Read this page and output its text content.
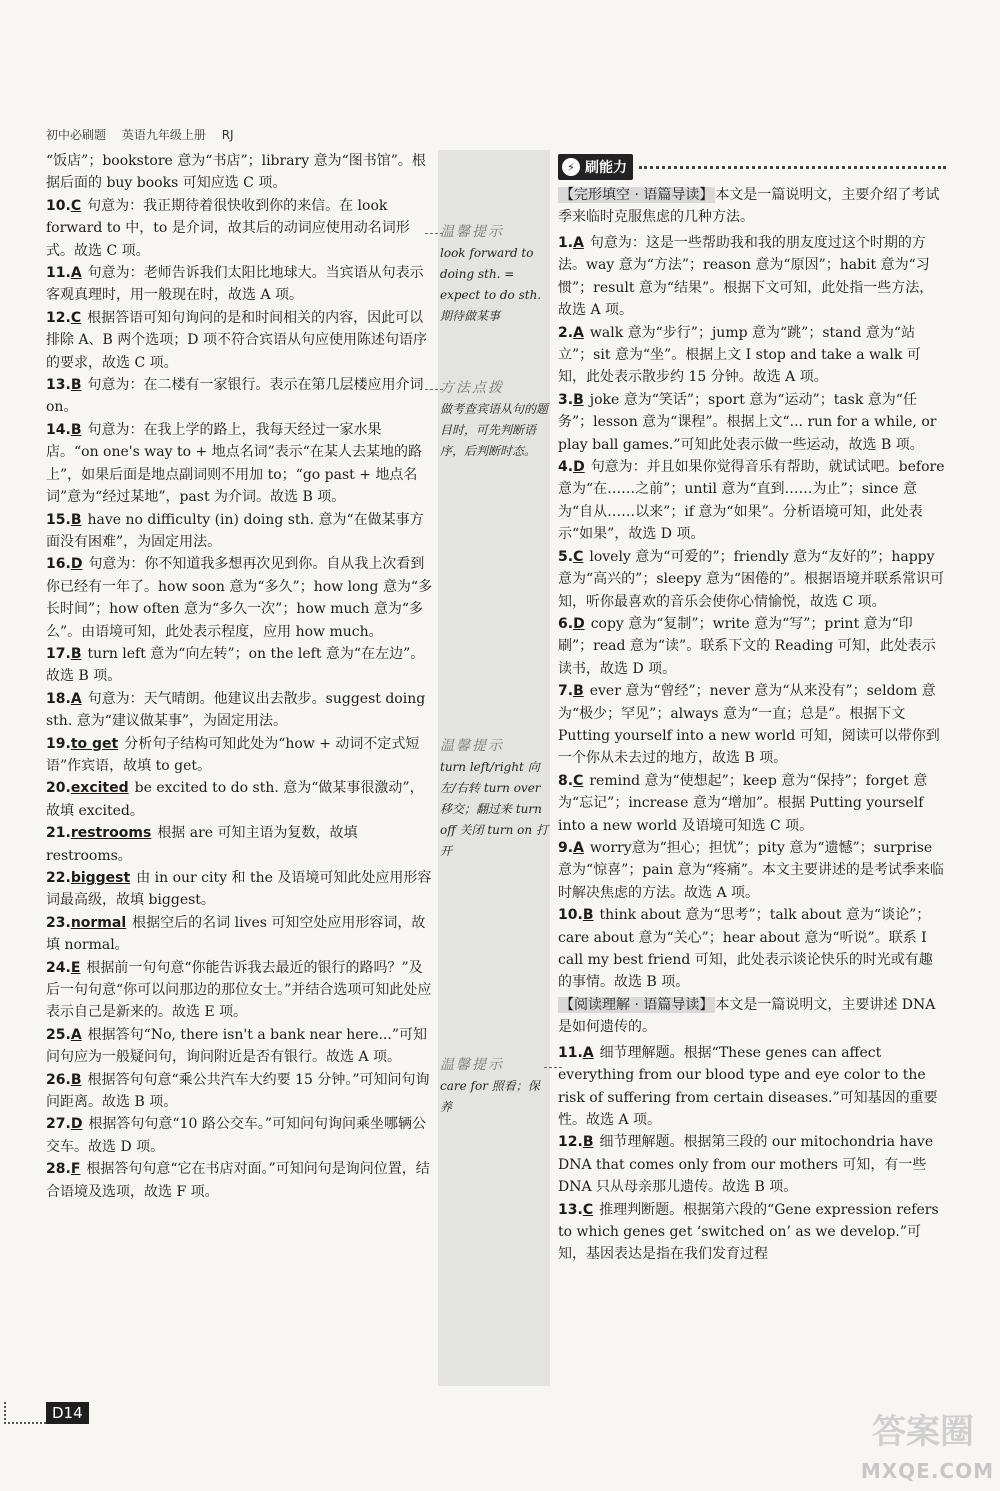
初中必刷题 英语九年级上册 RJ
“饭店”；bookstore 意为“书店”；library 意为“图书馆”。根据后面的 buy books 可知应选 C 项。
10.C 句意为：我正期待着很快收到你的来信。在 look forward to 中，to 是介词，故其后的动词应使用动名词形式。故选 C 项。
11.A 句意为：老师告诉我们太阳比地球大。当宾语从句表示客观真理时，用一般现在时，故选 A 项。
12.C 根据答语可知句询问的是和时间相关的内容，因此可以排除 A、B 两个选项；D 项不符合宾语从句应使用陈述句语序的要求，故选 C 项。
13.B 句意为：在二楼有一家银行。表示在第几层楼应用介词 on。
14.B 句意为：在我上学的路上，我每天经过一家水果店。“on one's way to + 地点名词”表示“在某人去某地的路上”，如果后面是地点副词则不用加 to；“go past + 地点名词”意为“经过某地”，past 为介词。故选 B 项。
15.B have no difficulty (in) doing sth. 意为“在做某事方面没有困难”，为固定用法。
16.D 句意为：你不知道我多想再次见到你。自从我上次看到你已经有一年了。how soon 意为“多久”；how long 意为“多长时间”；how often 意为“多久一次”；how much 意为“多么”。由语境可知，此处表示程度，应用 how much。
17.B turn left 意为“向左转”；on the left 意为“在左边”。故选 B 项。
18.A 句意为：天气晴朗。他建议出去散步。suggest doing sth. 意为“建议做某事”，为固定用法。
19.to get 分析句子结构可知此处为“how + 动词不定式短语”作宾语，故填 to get。
20.excited be excited to do sth. 意为“做某事很激动”，故填 excited。
21.restrooms 根据 are 可知主语为复数，故填 restrooms。
22.biggest 由 in our city 和 the 及语境可知此处应用形容词最高级，故填 biggest。
23.normal 根据空后的名词 lives 可知空处应用形容词，故填 normal。
24.E 根据前一句句意“你能告诉我去最近的银行的路吗？”及后一句句意“你可以问那边的那位女士。”并结合选项可知此处应表示自己是新来的。故选 E 项。
25.A 根据答句“No, there isn't a bank near here...”可知问句应为一般疑问句，询问附近是否有银行。故选 A 项。
26.B 根据答句句意“乘公共汽车大约要 15 分钟。”可知问句询问距离。故选 B 项。
27.D 根据答句句意“10 路公交车。”可知问句询问乘坐哪辆公交车。故选 D 项。
28.F 根据答句句意“它在书店对面。”可知问句是询问位置，结合语境及选项，故选 F 项。
温馨提示
look forward to doing sth. = expect to do sth. 期待做某事
方法点拨
做考查宾语从句的题目时，可先判断语序，后判断时态。
温馨提示
turn left/right 向左/右转 turn over 移交；翻过来 turn off 关闭 turn on 打开
温馨提示
care for 照看；保养
⚡ 刷能力
【完形填空 · 语篇导读】 本文是一篇说明文，主要介绍了考试季来临时克服焦虑的几种方法。
1.A 句意为：这是一些帮助我和我的朋友度过这个时期的方法。way 意为“方法”；reason 意为“原因”；habit 意为“习惯”；result 意为“结果”。根据下文可知，此处指一些方法，故选 A 项。
2.A walk 意为“步行”；jump 意为“跳”；stand 意为“站立”；sit 意为“坐”。根据上文 I stop and take a walk 可知，此处表示散步约 15 分钟。故选 A 项。
3.B joke 意为“笑话”；sport 意为“运动”；task 意为“任务”；lesson 意为“课程”。根据上文“... run for a while, or play ball games.”可知此处表示做一些运动，故选 B 项。
4.D 句意为：并且如果你觉得音乐有帮助，就试试吧。before 意为“在……之前”；until 意为“直到……为止”；since 意为“自从……以来”；if 意为“如果”。分析语境可知，此处表示“如果”，故选 D 项。
5.C lovely 意为“可爱的”；friendly 意为“友好的”；happy 意为“高兴的”；sleepy 意为“困倦的”。根据语境并联系常识可知，听你最喜欢的音乐会使你心情愉悦，故选 C 项。
6.D copy 意为“复制”；write 意为“写”；print 意为“印刷”；read 意为“读”。联系下文的 Reading 可知，此处表示读书，故选 D 项。
7.B ever 意为“曾经”；never 意为“从来没有”；seldom 意为“极少；罕见”；always 意为“一直；总是”。根据下文 Putting yourself into a new world 可知，阅读可以带你到一个你从未去过的地方，故选 B 项。
8.C remind 意为“使想起”；keep 意为“保持”；forget 意为“忘记”；increase 意为“增加”。根据 Putting yourself into a new world 及语境可知选 C 项。
9.A worry意为“担心；担忧”；pity 意为“遗憾”；surprise 意为“惊喜”；pain 意为“疼痛”。本文主要讲述的是考试季来临时解决焦虑的方法。故选 A 项。
10.B think about 意为“思考”；talk about 意为“谈论”；care about 意为“关心”；hear about 意为“听说”。联系 I call my best friend 可知，此处表示谈论快乐的时光或有趣的事情。故选 B 项。
【阅读理解 · 语篇导读】 本文是一篇说明文，主要讲述 DNA 是如何遗传的。
11.A 细节理解题。根据“These genes can affect everything from our blood type and eye color to the risk of suffering from certain diseases.”可知基因的重要性。故选 A 项。
12.B 细节理解题。根据第三段的 our mitochondria have DNA that comes only from our mothers 可知，有一些 DNA 只从母亲那儿遗传。故选 B 项。
13.C 推理判断题。根据第六段的“Gene expression refers to which genes get ‘switched on’ as we develop.”可知，基因表达是指在我们发育过程
D14	答案圈
MXQE.COM
